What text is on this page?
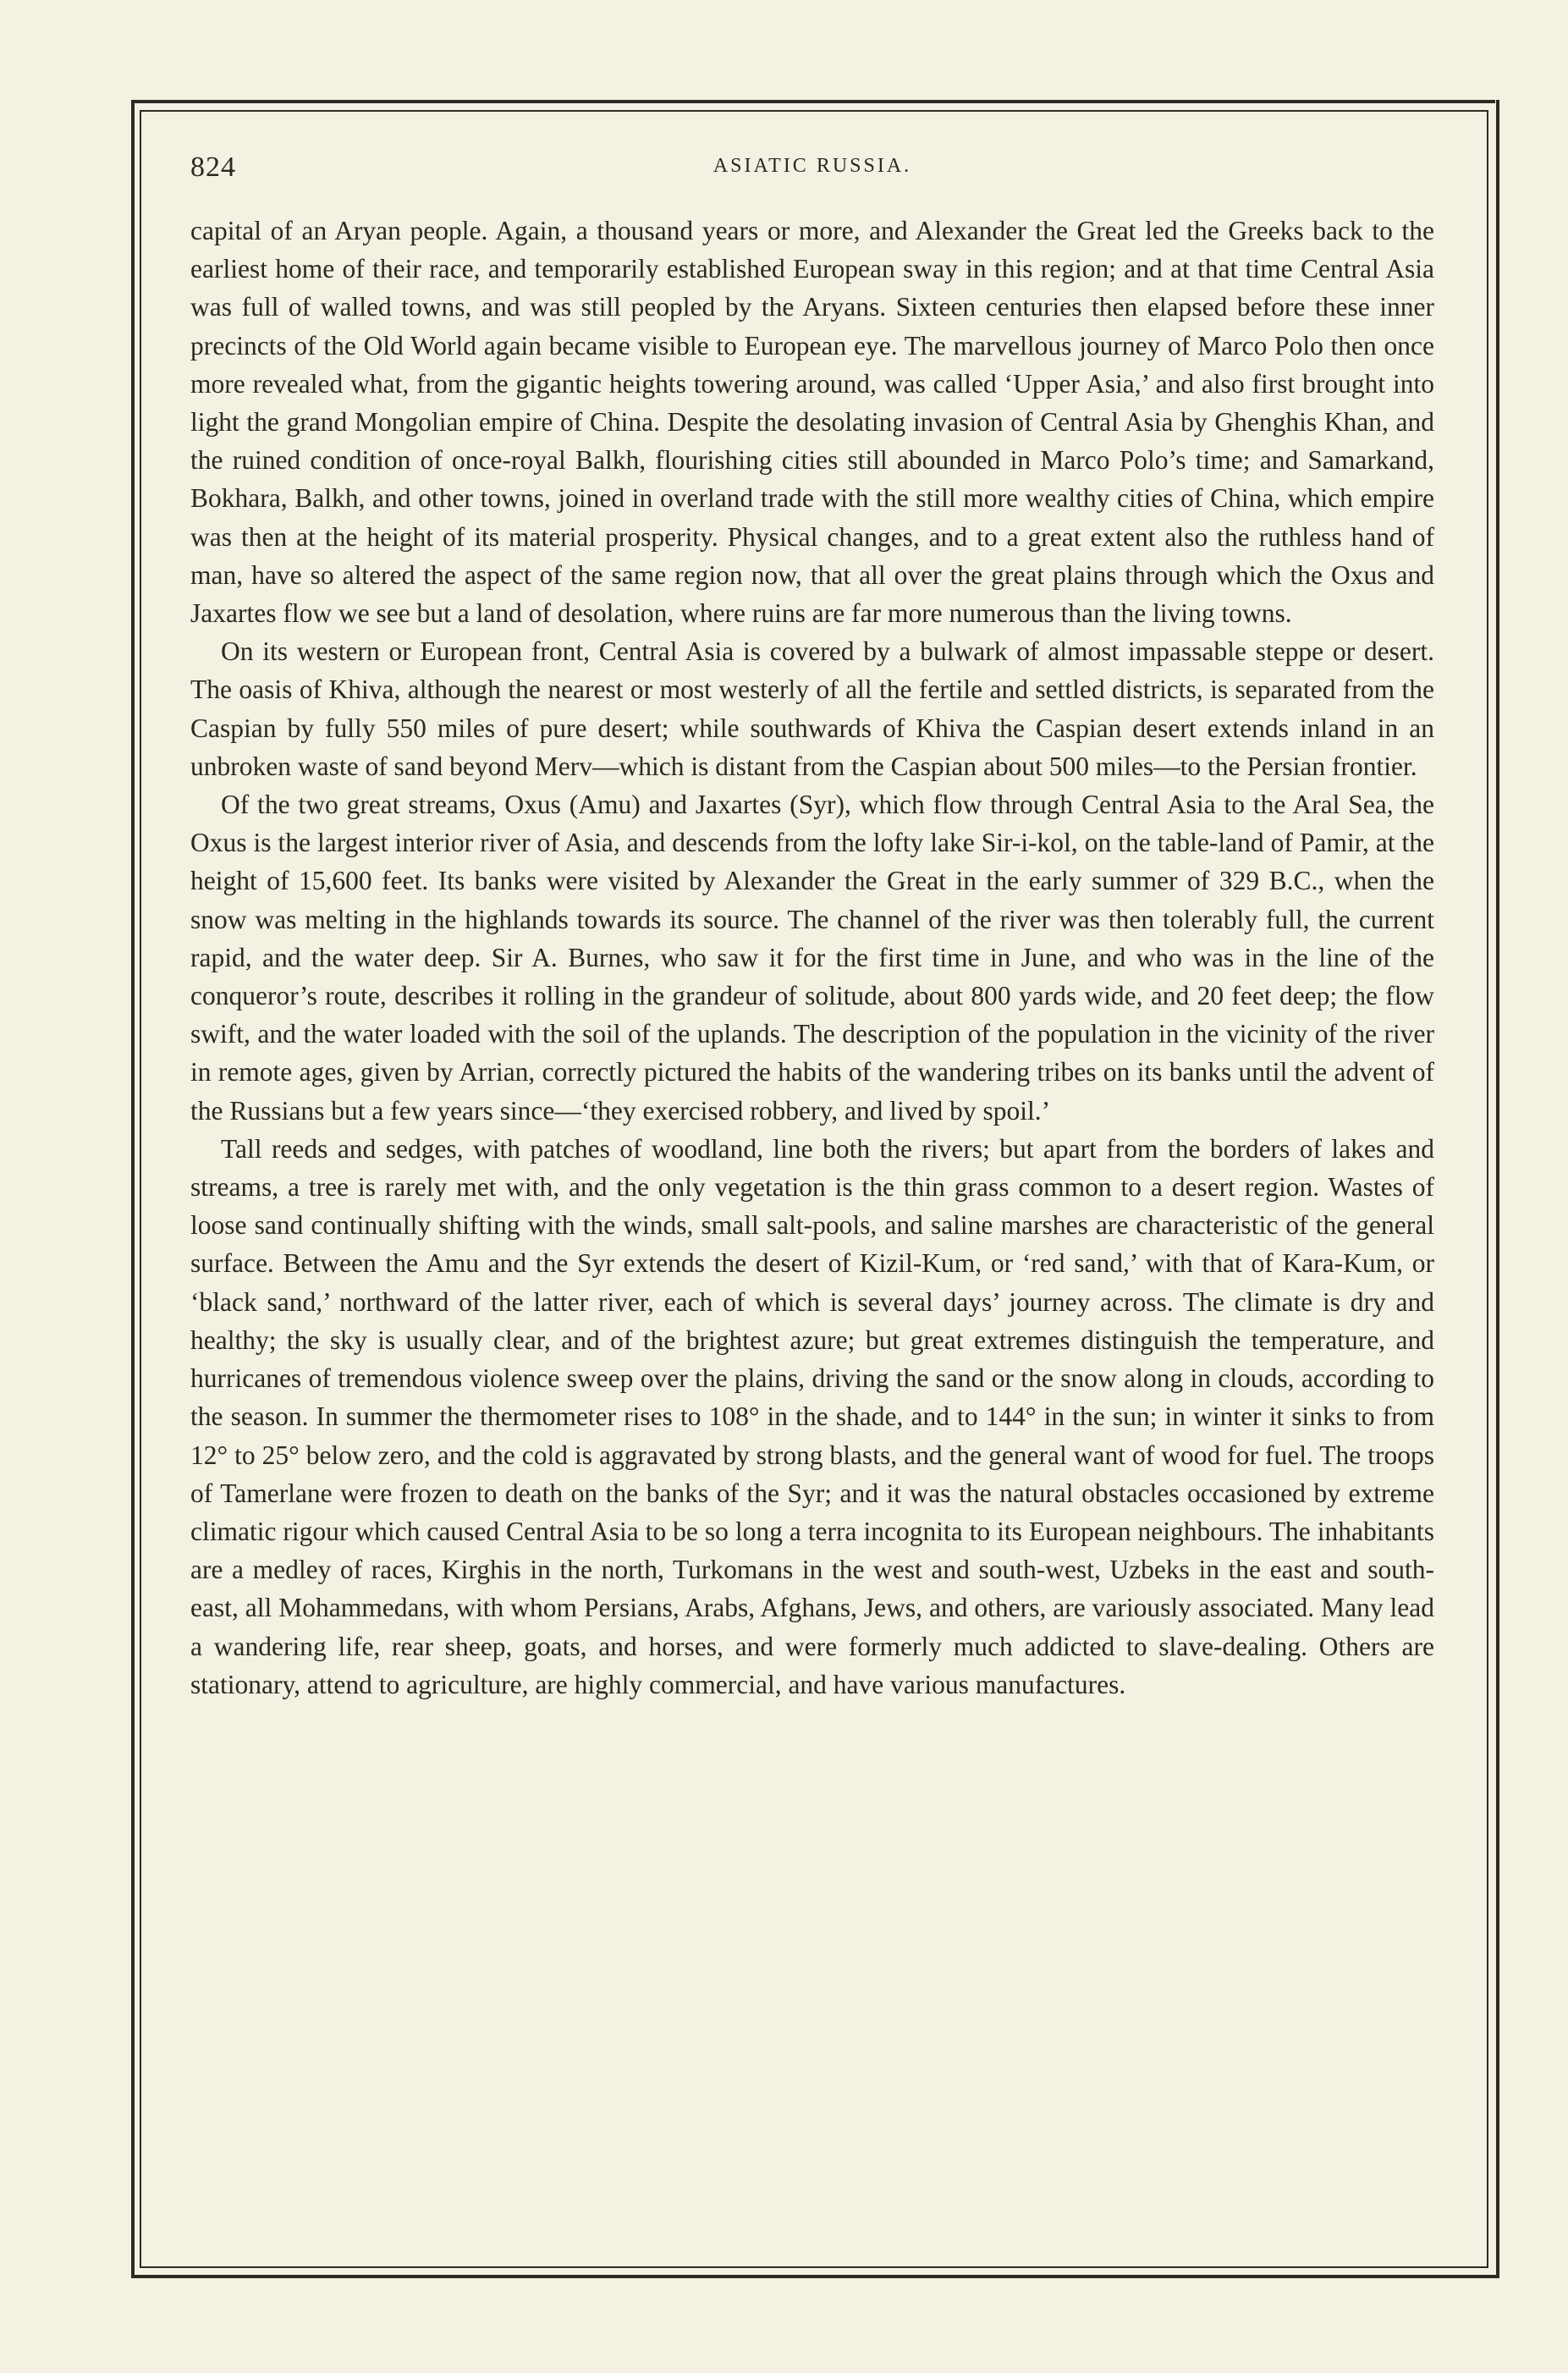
824	ASIATIC RUSSIA.

capital of an Aryan people. Again, a thousand years or more, and Alexander the Great led the Greeks back to the earliest home of their race, and temporarily established European sway in this region; and at that time Central Asia was full of walled towns, and was still peopled by the Aryans. Sixteen centuries then elapsed before these inner precincts of the Old World again became visible to European eye. The marvellous journey of Marco Polo then once more revealed what, from the gigantic heights towering around, was called ‘Upper Asia,’ and also first brought into light the grand Mongolian empire of China. Despite the desolating invasion of Central Asia by Ghenghis Khan, and the ruined condition of once-royal Balkh, flourishing cities still abounded in Marco Polo’s time; and Samarkand, Bokhara, Balkh, and other towns, joined in overland trade with the still more wealthy cities of China, which empire was then at the height of its material prosperity. Physical changes, and to a great extent also the ruthless hand of man, have so altered the aspect of the same region now, that all over the great plains through which the Oxus and Jaxartes flow we see but a land of desolation, where ruins are far more numerous than the living towns.

On its western or European front, Central Asia is covered by a bulwark of almost impassable steppe or desert. The oasis of Khiva, although the nearest or most westerly of all the fertile and settled districts, is separated from the Caspian by fully 550 miles of pure desert; while southwards of Khiva the Caspian desert extends inland in an unbroken waste of sand beyond Merv—which is distant from the Caspian about 500 miles—to the Persian frontier.

Of the two great streams, Oxus (Amu) and Jaxartes (Syr), which flow through Central Asia to the Aral Sea, the Oxus is the largest interior river of Asia, and descends from the lofty lake Sir-i-kol, on the table-land of Pamir, at the height of 15,600 feet. Its banks were visited by Alexander the Great in the early summer of 329 B.C., when the snow was melting in the highlands towards its source. The channel of the river was then tolerably full, the current rapid, and the water deep. Sir A. Burnes, who saw it for the first time in June, and who was in the line of the conqueror’s route, describes it rolling in the grandeur of solitude, about 800 yards wide, and 20 feet deep; the flow swift, and the water loaded with the soil of the uplands. The description of the population in the vicinity of the river in remote ages, given by Arrian, correctly pictured the habits of the wandering tribes on its banks until the advent of the Russians but a few years since—‘they exercised robbery, and lived by spoil.’

Tall reeds and sedges, with patches of woodland, line both the rivers; but apart from the borders of lakes and streams, a tree is rarely met with, and the only vegetation is the thin grass common to a desert region. Wastes of loose sand continually shifting with the winds, small salt-pools, and saline marshes are characteristic of the general surface. Between the Amu and the Syr extends the desert of Kizil-Kum, or ‘red sand,’ with that of Kara-Kum, or ‘black sand,’ northward of the latter river, each of which is several days’ journey across. The climate is dry and healthy; the sky is usually clear, and of the brightest azure; but great extremes distinguish the temperature, and hurricanes of tremendous violence sweep over the plains, driving the sand or the snow along in clouds, according to the season. In summer the thermometer rises to 108° in the shade, and to 144° in the sun; in winter it sinks to from 12° to 25° below zero, and the cold is aggravated by strong blasts, and the general want of wood for fuel. The troops of Tamerlane were frozen to death on the banks of the Syr; and it was the natural obstacles occasioned by extreme climatic rigour which caused Central Asia to be so long a terra incognita to its European neighbours. The inhabitants are a medley of races, Kirghis in the north, Turkomans in the west and south-west, Uzbeks in the east and south-east, all Mohammedans, with whom Persians, Arabs, Afghans, Jews, and others, are variously associated. Many lead a wandering life, rear sheep, goats, and horses, and were formerly much addicted to slave-dealing. Others are stationary, attend to agriculture, are highly commercial, and have various manufactures.
